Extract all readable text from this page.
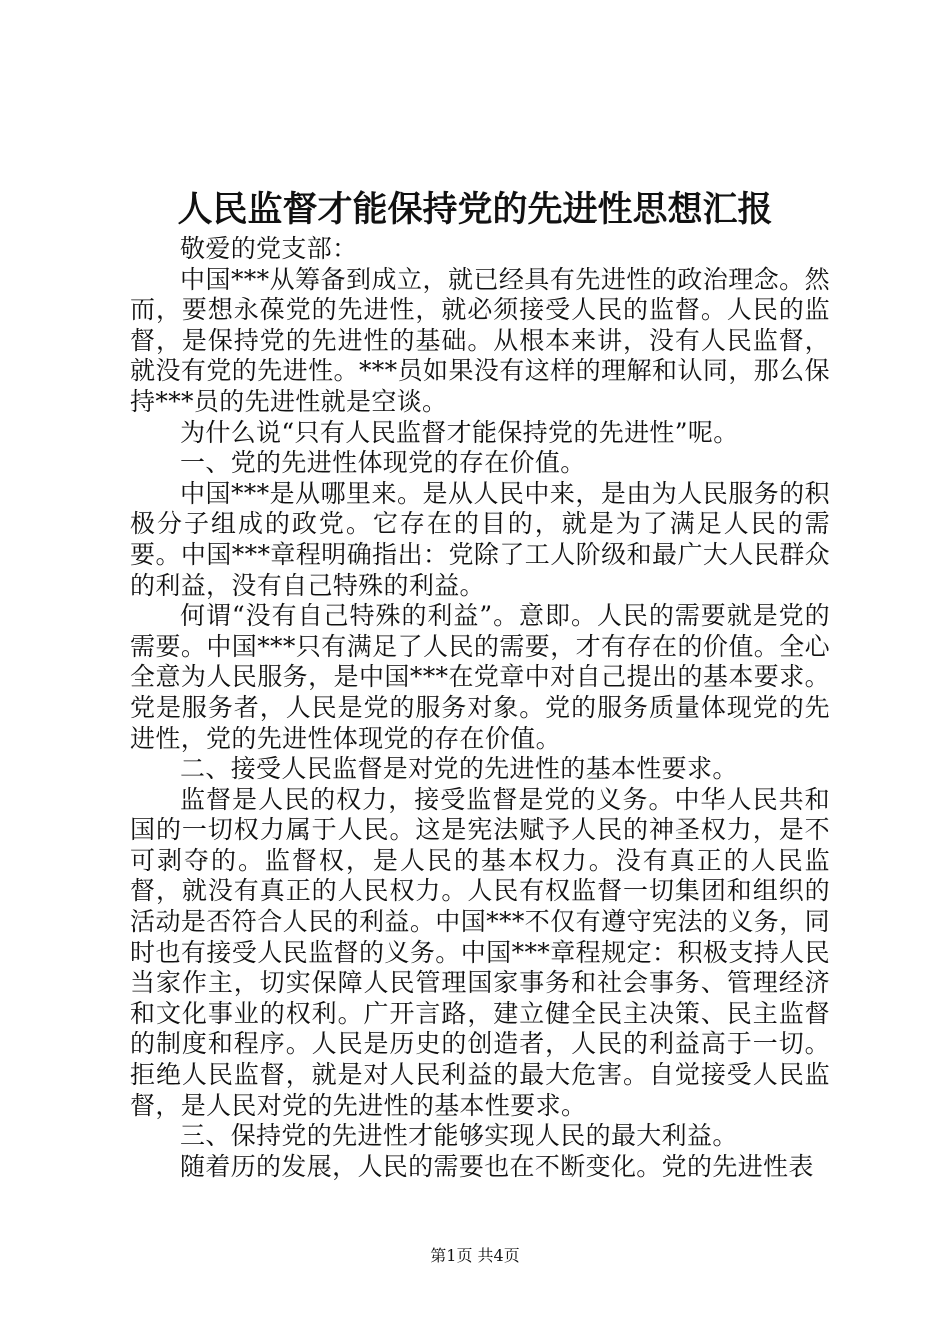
人民监督才能保持党的先进性思想汇报

敬爱的党支部：

中国***从筹备到成立，就已经具有先进性的政治理念。然而，要想永葆党的先进性，就必须接受人民的监督。人民的监督，是保持党的先进性的基础。从根本来讲，没有人民监督，就没有党的先进性。***员如果没有这样的理解和认同，那么保持***员的先进性就是空谈。

为什么说“只有人民监督才能保持党的先进性”呢。

一、党的先进性体现党的存在价值。

中国***是从哪里来。是从人民中来，是由为人民服务的积极分子组成的政党。它存在的目的，就是为了满足人民的需要。中国***章程明确指出：党除了工人阶级和最广大人民群众的利益，没有自己特殊的利益。

何谓“没有自己特殊的利益”。意即。人民的需要就是党的需要。中国***只有满足了人民的需要，才有存在的价值。全心全意为人民服务，是中国***在党章中对自己提出的基本要求。党是服务者，人民是党的服务对象。党的服务质量体现党的先进性，党的先进性体现党的存在价值。

二、接受人民监督是对党的先进性的基本性要求。

监督是人民的权力，接受监督是党的义务。中华人民共和国的一切权力属于人民。这是宪法赋予人民的神圣权力，是不可剥夺的。监督权，是人民的基本权力。没有真正的人民监督，就没有真正的人民权力。人民有权监督一切集团和组织的活动是否符合人民的利益。中国***不仅有遵守宪法的义务，同时也有接受人民监督的义务。中国***章程规定：积极支持人民当家作主，切实保障人民管理国家事务和社会事务、管理经济和文化事业的权利。广开言路，建立健全民主决策、民主监督的制度和程序。人民是历史的创造者，人民的利益高于一切。拒绝人民监督，就是对人民利益的最大危害。自觉接受人民监督，是人民对党的先进性的基本性要求。

三、保持党的先进性才能够实现人民的最大利益。

随着历的发展，人民的需要也在不断变化。党的先进性表

第1页 共4页
